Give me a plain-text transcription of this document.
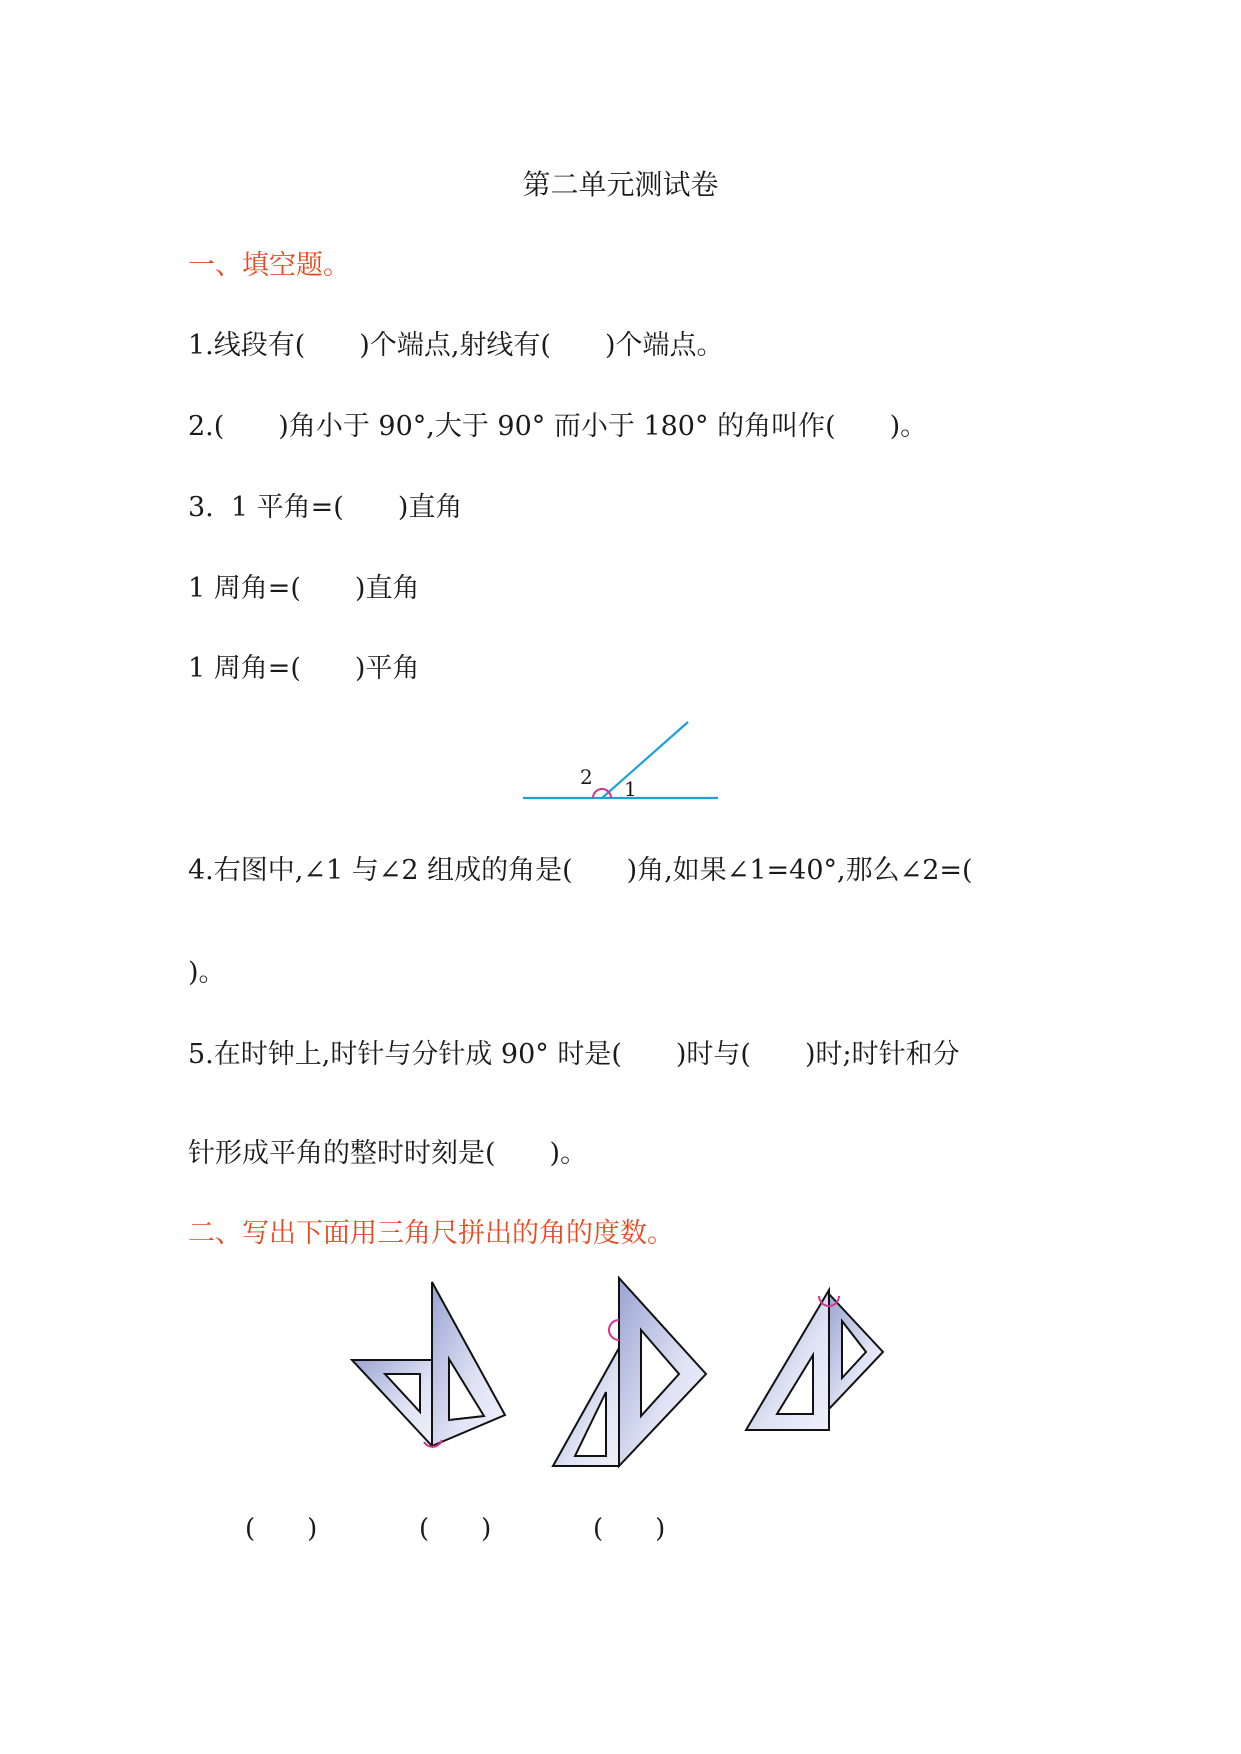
第二单元测试卷
一、填空题。
1.线段有(　　)个端点,射线有(　　)个端点。
2.(　　)角小于 90°,大于 90° 而小于 180° 的角叫作(　　)。
3.  1 平角=(　　)直角
1 周角=(　　)直角
1 周角=(　　)平角
2 1
4.右图中,∠1 与∠2 组成的角是(　　)角,如果∠1=40°,那么∠2=(
)。
5.在时钟上,时针与分针成 90° 时是(　　)时与(　　)时;时针和分
针形成平角的整时时刻是(　　)。
二、写出下面用三角尺拼出的角的度数。
(　　)	(　　)	(　　)
